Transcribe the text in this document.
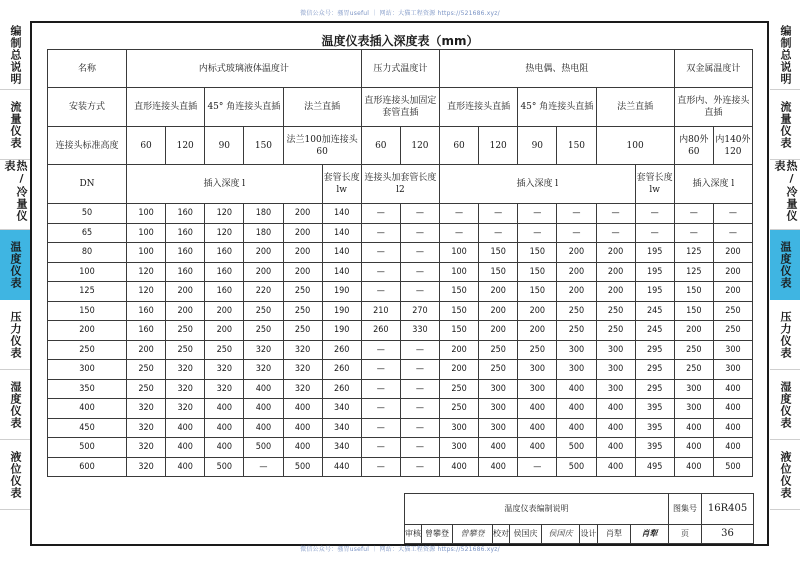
微信公众号：骚胃useful ｜ 网站：大猫工程资源 https://521686.xyz/
编制总说明
流量仪表
热/冷量仪表
温度仪表
压力仪表
湿度仪表
液位仪表
编制总说明
流量仪表
热/冷量仪表
温度仪表
压力仪表
湿度仪表
液位仪表
温度仪表插入深度表（mm）
名称	内标式玻璃液体温度计						压力式温度计		热电偶、热电阻						双金属温度计	
安装方式	直形连接头直插		45° 角连接头直插		法兰直插		直形连接头加固定套管直插		直形连接头直插		45° 角连接头直插		法兰直插		直形内、外连接头直插	
连接头标准高度	60	120	90	150	法兰100加连接头60		60	120	60	120	90	150	100		内80外60	内140外120
DN	插入深度 l					套管长度 lw	连接头加套管长度 l2		插入深度 l					套管长度 lw	插入深度 l	
50	100	160	120	180	200	140	—	—	—	—	—	—	—	—	—	—
65	100	160	120	180	200	140	—	—	—	—	—	—	—	—	—	—
80	100	160	160	200	200	140	—	—	100	150	150	200	200	195	125	200
100	120	160	160	200	200	140	—	—	100	150	150	200	200	195	125	200
125	120	200	160	220	250	190	—	—	150	200	150	200	200	195	150	200
150	160	200	200	250	250	190	210	270	150	200	200	250	250	245	150	250
200	160	250	200	250	250	190	260	330	150	200	200	250	250	245	200	250
250	200	250	250	320	320	260	—	—	200	250	250	300	300	295	250	300
300	250	320	320	320	320	260	—	—	200	250	300	300	300	295	250	300
350	250	320	320	400	320	260	—	—	250	300	300	400	300	295	300	400
400	320	320	400	400	400	340	—	—	250	300	400	400	400	395	300	400
450	320	400	400	400	400	340	—	—	300	300	400	400	400	395	400	400
500	320	400	400	500	400	340	—	—	300	400	400	500	400	395	400	400
600	320	400	500	—	500	440	—	—	400	400	—	500	400	495	400	500
温度仪表编制说明									图集号	16R405
审核	曾攀登	曾攀登	校对	侯国庆	侯国庆	设计	肖犁	肖犁	页	36
微信公众号：骚胃useful ｜ 网站：大猫工程资源 https://521686.xyz/
